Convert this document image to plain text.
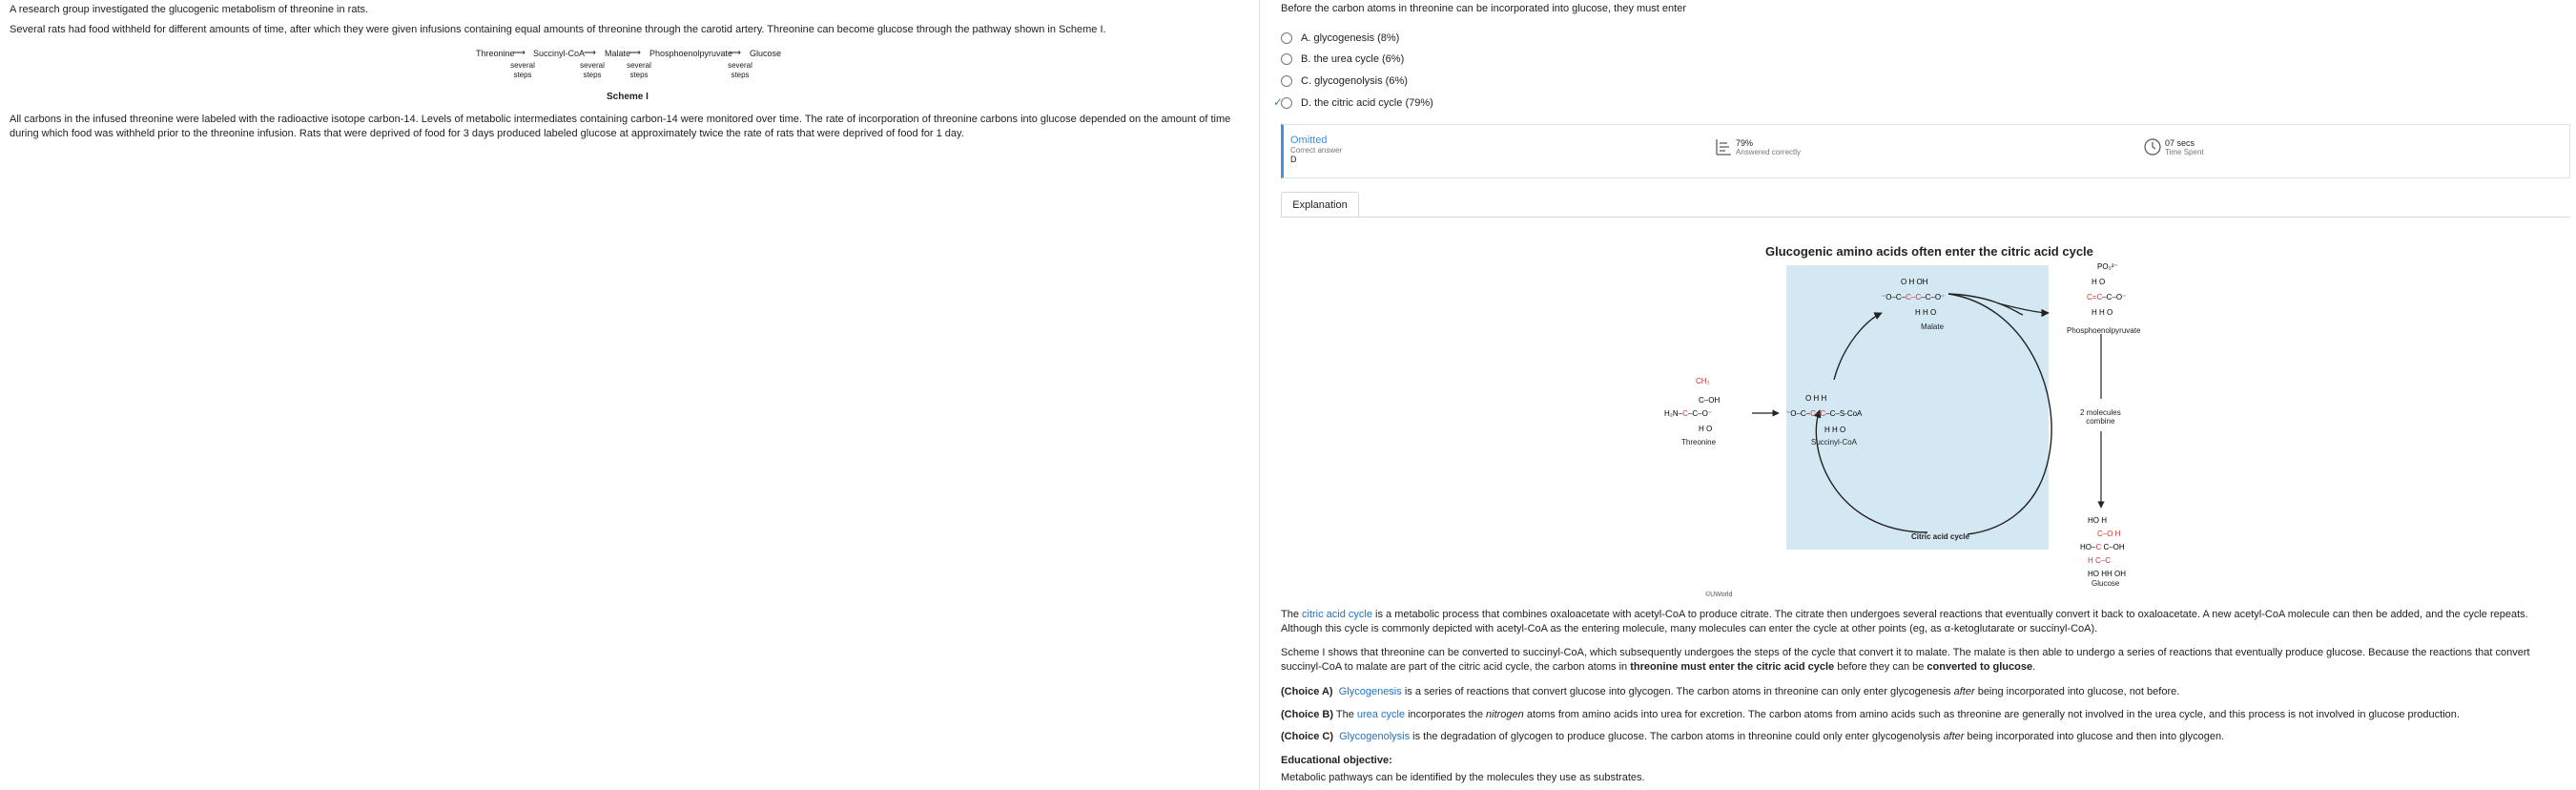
A research group investigated the glucogenic metabolism of threonine in rats.

Several rats had food withheld for different amounts of time, after which they were given infusions containing equal amounts of threonine through the carotid artery. Threonine can become glucose through the pathway shown in Scheme I.

Threonine
⟶ Succinyl-CoA
⟶ Malate
⟶ Phosphoenolpyruvate
⟶ Glucose
several
steps
several
steps
several
steps
several
steps
Scheme I

All carbons in the infused threonine were labeled with the radioactive isotope carbon-14. Levels of metabolic intermediates containing carbon-14 were monitored over time. The rate of incorporation of threonine carbons into glucose depended on the amount of time during which food was withheld prior to the threonine infusion. Rats that were deprived of food for 3 days produced labeled glucose at approximately twice the rate of rats that were deprived of food for 1 day.

Before the carbon atoms in threonine can be incorporated into glucose, they must enter

A.
glycogenesis
(8%)
B.
the urea cycle
(6%)
C.
glycogenolysis
(6%)
✓ D.
the citric acid cycle
(79%)
Omitted
Correct answer
D
79%
Answered correctly
07 secs
Time Spent
Explanation
Glucogenic amino acids often enter the citric acid cycle
CH₃
C–OH
H₂N–C–C–O⁻
H O
O H H
⁻O–C–C–C–C–S-CoA
H H O
O H OH
⁻O–C–C–C–C–O⁻
H H O
PO₃²⁻
H O
C=C–C–O⁻
H H O
HO H
C–O H
HO–C C–OH
H C–C
HO HH OH
Threonine	Succinyl-CoA
Malate	Phosphoenolpyruvate
2 molecules
combine
Glucose
Citric acid cycle
©UWorld

The citric acid cycle is a metabolic process that combines oxaloacetate with acetyl-CoA to produce citrate. The citrate then undergoes several reactions that eventually convert it back to oxaloacetate. A new acetyl-CoA molecule can then be added, and the cycle repeats. Although this cycle is commonly depicted with acetyl-CoA as the entering molecule, many molecules can enter the cycle at other points (eg, as α-ketoglutarate or succinyl-CoA).

Scheme I shows that threonine can be converted to succinyl-CoA, which subsequently undergoes the steps of the cycle that convert it to malate. The malate is then able to undergo a series of reactions that eventually produce glucose. Because the reactions that convert succinyl-CoA to malate are part of the citric acid cycle, the carbon atoms in threonine must enter the citric acid cycle before they can be converted to glucose.

(Choice A) Glycogenesis is a series of reactions that convert glucose into glycogen. The carbon atoms in threonine can only enter glycogenesis after being incorporated into glucose, not before.

(Choice B) The urea cycle incorporates the nitrogen atoms from amino acids into urea for excretion. The carbon atoms from amino acids such as threonine are generally not involved in the urea cycle, and this process is not involved in glucose production.

(Choice C) Glycogenolysis is the degradation of glycogen to produce glucose. The carbon atoms in threonine could only enter glycogenolysis after being incorporated into glucose and then into glycogen.

Educational objective:

Metabolic pathways can be identified by the molecules they use as substrates.
